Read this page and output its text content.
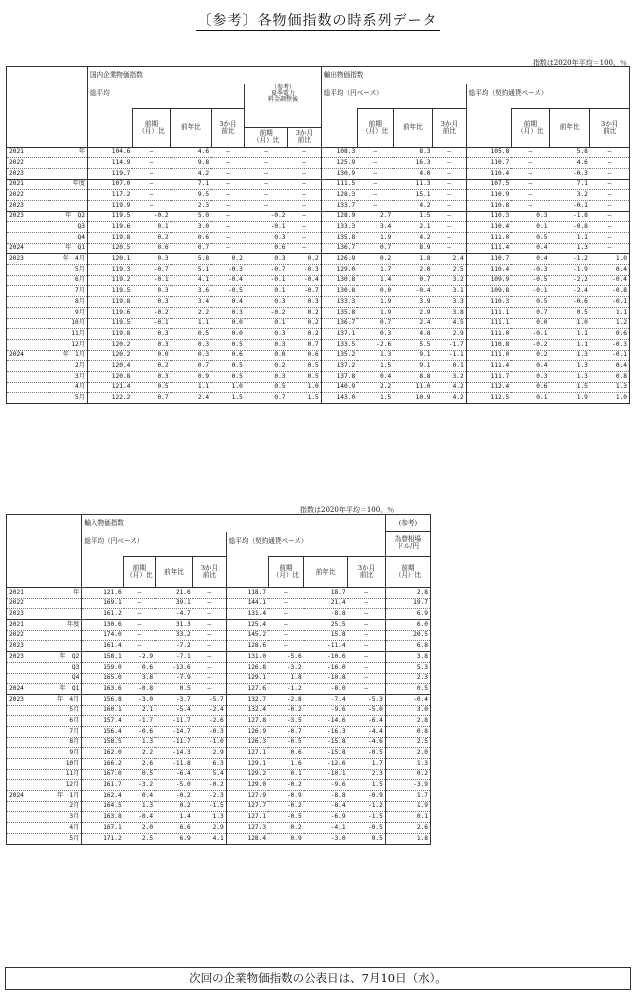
〔参考〕各物価指数の時系列データ
指数は2020年平均＝100、％
		国内企業物価指数						輸出物価指数							
		総平均						総平均（円ベース）				総平均（契約通貨ベース）			
			前期
（月）比	前年比	3か月
前比	（参考）
夏季電力
料金調整後			前期
（月）比	前年比	3か月
前比		前期
（月）比	前年比	3か月
前比
						前期
（月）比	3か月
前比								
2021	年	104.6	—	4.6	—	—	—	108.3	—	8.3	—	105.8	—	5.8	—
2022		114.9	—	9.8	—	—	—	125.9	—	16.3	—	110.7	—	4.6	—
2023		119.7	—	4.2	—	—	—	130.9	—	4.0	—	110.4	—	-0.3	—
2021	年度	107.0	—	7.1	—	—	—	111.5	—	11.3	—	107.5	—	7.1	—
2022		117.2	—	9.5	—	—	—	128.3	—	15.1	—	110.9	—	3.2	—
2023		119.9	—	2.3	—	—	—	133.7	—	4.2	—	110.8	—	-0.1	—
2023	年　Q2	119.5	-0.2	5.0	—	-0.2	—	128.9	2.7	1.5	—	110.3	0.3	-1.8	—
	Q3	119.6	0.1	3.0	—	-0.1	—	133.3	3.4	2.1	—	110.4	0.1	-0.8	—
	Q4	119.8	0.2	0.6	—	0.3	—	135.8	1.9	4.2	—	111.0	0.5	1.1	—
2024	年　Q1	120.5	0.6	0.7	—	0.6	—	136.7	0.7	8.9	—	111.4	0.4	1.3	—
2023	年　4月	120.1	0.3	5.8	0.2	0.3	0.2	126.9	0.2	1.8	2.4	110.7	0.4	-1.2	1.0
	5月	119.3	-0.7	5.1	-0.3	-0.7	-0.3	129.0	1.7	2.0	2.5	110.4	-0.3	-1.9	0.4
	6月	119.2	-0.1	4.1	-0.4	-0.1	-0.4	130.8	1.4	0.7	3.2	109.9	-0.5	-2.2	-0.4
	7月	119.5	0.3	3.6	-0.5	0.1	-0.7	130.8	0.0	-0.4	3.1	109.8	-0.1	-2.4	-0.8
	8月	119.8	0.3	3.4	0.4	0.3	0.3	133.3	1.9	3.9	3.3	110.3	0.5	-0.6	-0.1
	9月	119.6	-0.2	2.2	0.3	-0.2	0.2	135.8	1.9	2.9	3.8	111.1	0.7	0.5	1.1
	10月	119.5	-0.1	1.1	0.0	0.1	0.2	136.7	0.7	2.4	4.5	111.1	0.0	1.0	1.2
	11月	119.8	0.3	0.5	0.0	0.3	0.2	137.1	0.3	4.8	2.9	111.0	-0.1	1.1	0.6
	12月	120.2	0.3	0.3	0.5	0.3	0.7	133.5	-2.6	5.5	-1.7	110.8	-0.2	1.1	-0.3
2024	年　1月	120.2	0.0	0.3	0.6	0.0	0.6	135.2	1.3	9.1	-1.1	111.0	0.2	1.3	-0.1
	2月	120.4	0.2	0.7	0.5	0.2	0.5	137.2	1.5	9.1	0.1	111.4	0.4	1.3	0.4
	3月	120.8	0.3	0.9	0.5	0.3	0.5	137.8	0.4	8.8	3.2	111.7	0.3	1.3	0.8
	4月	121.4	0.5	1.1	1.0	0.5	1.0	140.9	2.2	11.0	4.2	112.4	0.6	1.5	1.3
	5月	122.2	0.7	2.4	1.5	0.7	1.5	143.0	1.5	10.9	4.2	112.5	0.1	1.9	1.0
指数は2020年平均＝100、％
		輸入物価指数								(参考)
		総平均（円ベース）				総平均（契約通貨ベース）				為替相場
ドル/円
			前期
（月）比	前年比	3か月
前比		前期
（月）比	前年比	3か月
前比	前期
（月）比
2021	年	121.6	—	21.6	—	118.7	—	18.7	—	2.8
2022		169.1	—	39.1	—	144.1	—	21.4	—	19.7
2023		161.2	—	-4.7	—	131.4	—	-8.8	—	6.9
2021	年度	130.6	—	31.3	—	125.4	—	25.5	—	6.0
2022		174.0	—	33.2	—	145.2	—	15.8	—	20.5
2023		161.4	—	-7.2	—	128.6	—	-11.4	—	6.8
2023	年　Q2	158.1	-2.9	-7.1	—	131.0	-5.6	-10.6	—	3.8
	Q3	159.0	0.6	-13.6	—	126.8	-3.2	-16.0	—	5.3
	Q4	165.0	3.8	-7.9	—	129.1	1.8	-10.8	—	2.3
2024	年　Q1	163.6	-0.8	0.5	—	127.6	-1.2	-8.0	—	0.5
2023	年　4月	156.8	-3.0	-3.7	-5.7	132.7	-2.8	-7.4	-5.3	-0.4
	5月	160.1	2.1	-5.4	-2.4	132.4	-0.2	-9.6	-5.0	3.0
	6月	157.4	-1.7	-11.7	-2.6	127.8	-3.5	-14.6	-6.4	2.8
	7月	156.4	-0.6	-14.7	-0.3	126.9	-0.7	-16.3	-4.4	0.8
	8月	158.5	1.3	-11.7	-1.0	126.3	-0.5	-15.8	-4.6	2.5
	9月	162.0	2.2	-14.3	2.9	127.1	0.6	-15.8	-0.5	2.0
	10月	166.2	2.6	-11.8	6.3	129.1	1.6	-12.6	1.7	1.3
	11月	167.0	0.5	-6.4	5.4	129.2	0.1	-10.1	2.3	0.2
	12月	161.7	-3.2	-5.0	-0.2	129.0	-0.2	-9.6	1.5	-3.9
2024	年　1月	162.4	0.4	-0.2	-2.3	127.9	-0.9	-8.8	-0.9	1.7
	2月	164.5	1.3	0.2	-1.5	127.7	-0.2	-8.4	-1.2	1.9
	3月	163.8	-0.4	1.4	1.3	127.1	-0.5	-6.9	-1.5	0.1
	4月	167.1	2.0	6.6	2.9	127.3	0.2	-4.1	-0.5	2.6
	5月	171.2	2.5	6.9	4.1	128.4	0.9	-3.0	0.5	1.8
次回の企業物価指数の公表日は、7月10日（水）。
